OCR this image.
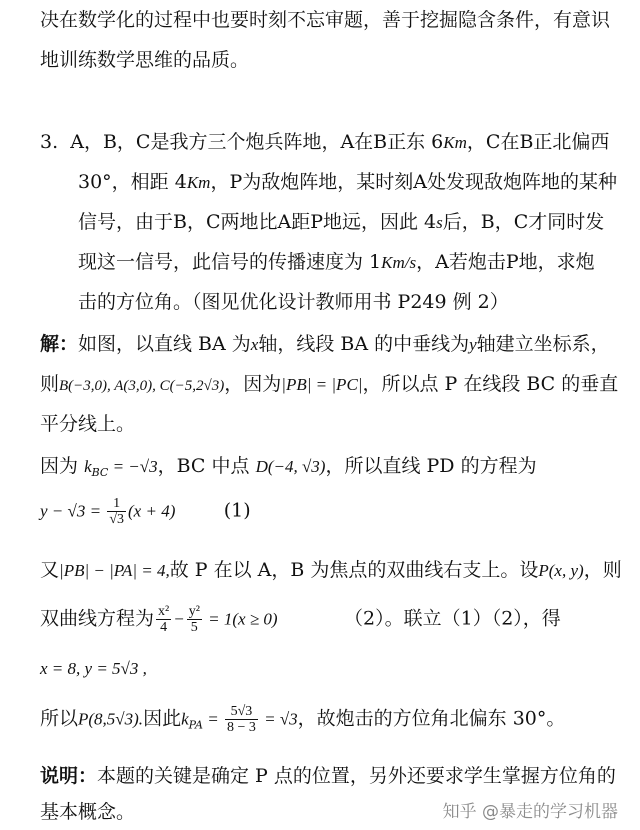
决在数学化的过程中也要时刻不忘审题，善于挖掘隐含条件，有意识
地训练数学思维的品质。
3. A，B，C是我方三个炮兵阵地，A在B正东 6Km，C在B正北偏西
30°，相距 4Km，P为敌炮阵地，某时刻A处发现敌炮阵地的某种
信号，由于B，C两地比A距P地远，因此 4s后，B，C才同时发
现这一信号，此信号的传播速度为 1Km/s，A若炮击P地，求炮
击的方位角。（图见优化设计教师用书 P249 例 2）
解：如图，以直线 BA 为x轴，线段 BA 的中垂线为y轴建立坐标系，
则B(−3,0), A(3,0), C(−5,2√3)，因为|PB| = |PC|，所以点 P 在线段 BC 的垂直
平分线上。
因为 $k_{BC} = -√3$，BC 中点 D(−4, √3)，所以直线 PD 的方程为
$y - √3 = \frac{1}{√3} (x + 4)$	(1)
又|PB| − |PA| = 4,故 P 在以 A，B 为焦点的双曲线右支上。设P(x, y)，则
双曲线方程为 $\frac{\text{x²}}{4} - \frac{\text{y²}}{5} = 1(x \ge 0)$	（2）。联立（1）（2），得
x = 8, y = 5√3 ,
所以P(8,5√3).因此$k_{PA} = \frac{5√3}{8 - 3} = √3$，故炮击的方位角北偏东 30°。
说明：本题的关键是确定 P 点的位置，另外还要求学生掌握方位角的
基本概念。	知乎 @暴走的学习机器
